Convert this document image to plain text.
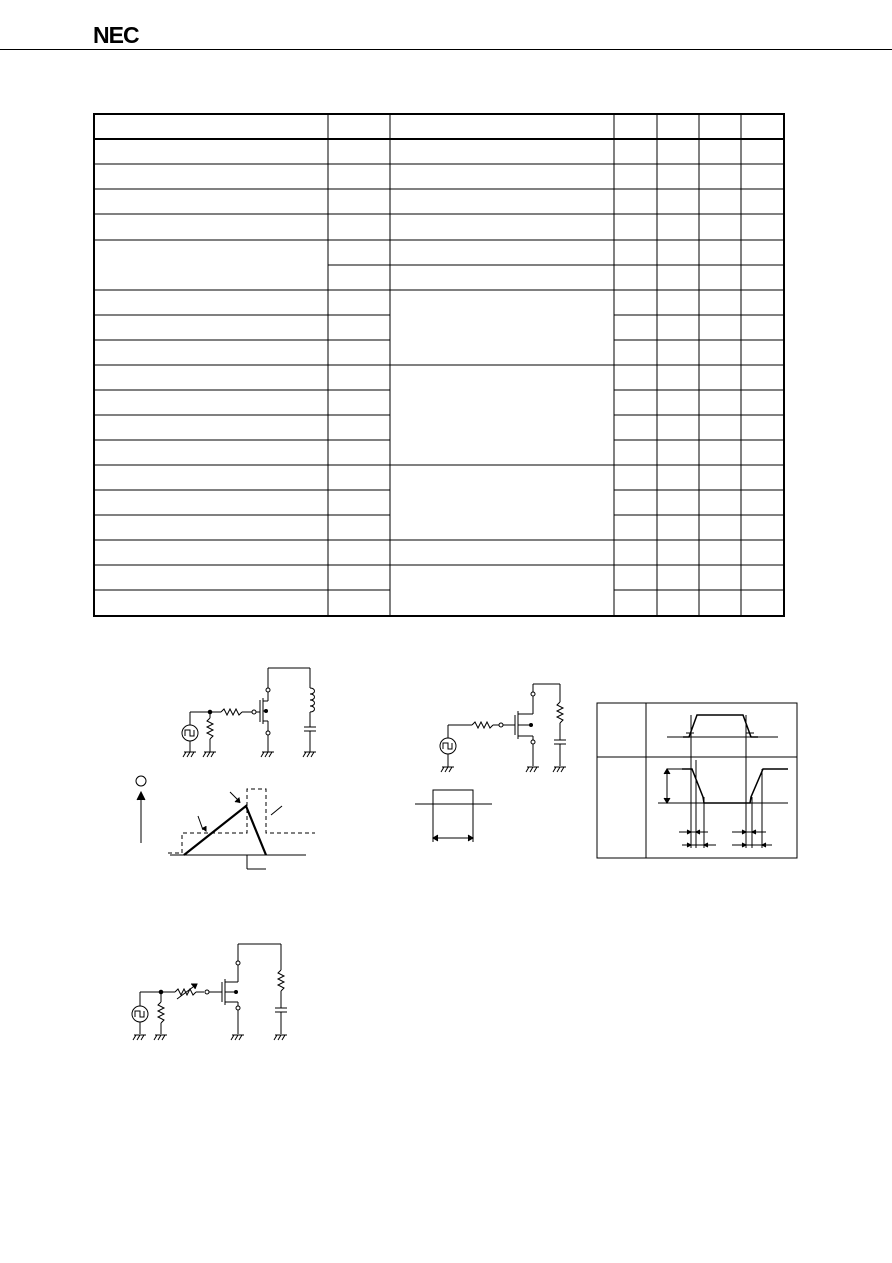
NEC
